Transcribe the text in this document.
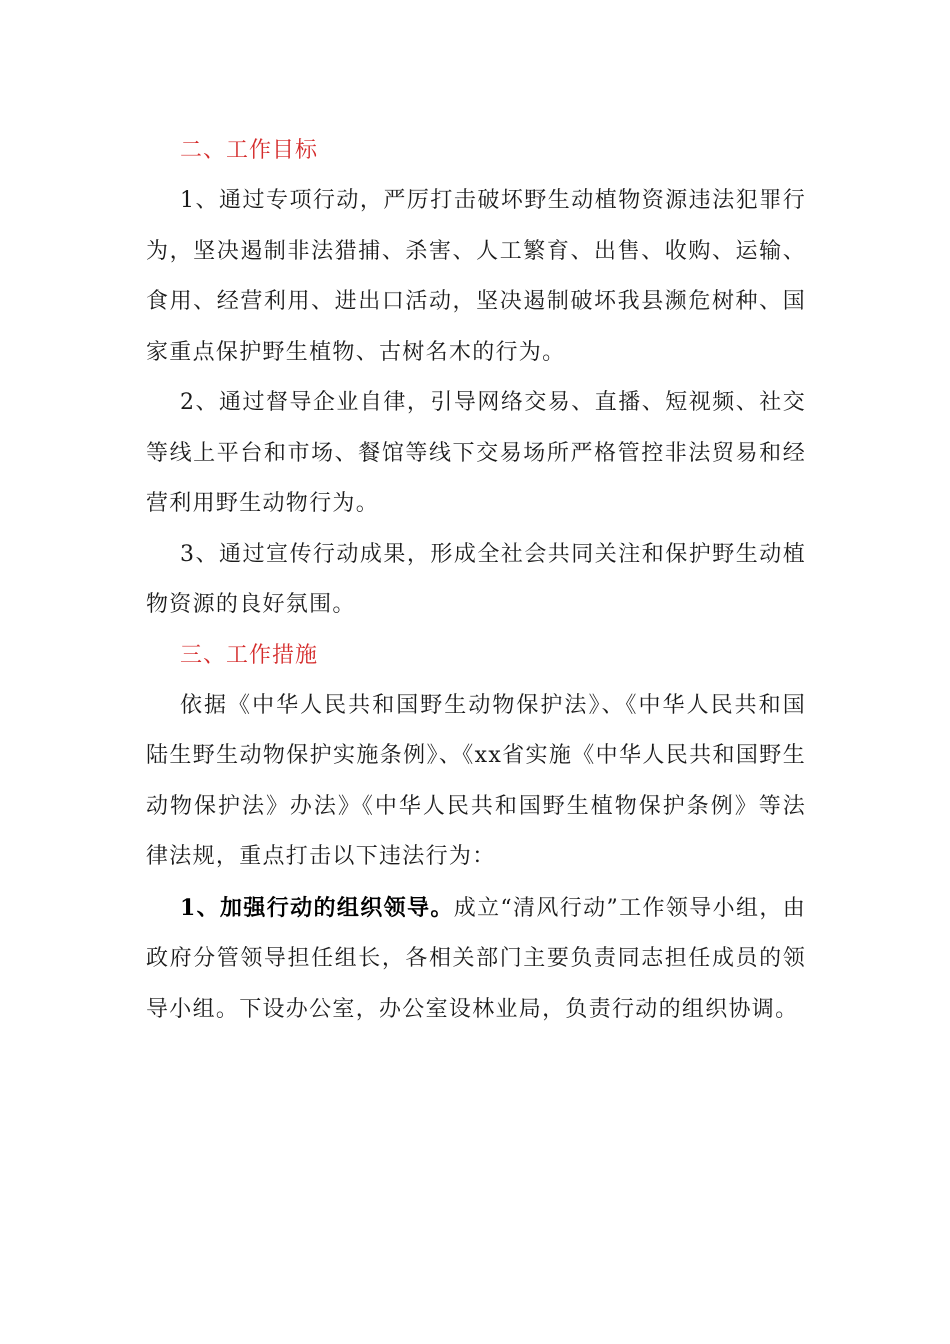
二、工作目标

1、通过专项行动，严厉打击破坏野生动植物资源违法犯罪行为，坚决遏制非法猎捕、杀害、人工繁育、出售、收购、运输、食用、经营利用、进出口活动，坚决遏制破坏我县濒危树种、国家重点保护野生植物、古树名木的行为。

2、通过督导企业自律，引导网络交易、直播、短视频、社交等线上平台和市场、餐馆等线下交易场所严格管控非法贸易和经营利用野生动物行为。

3、通过宣传行动成果，形成全社会共同关注和保护野生动植物资源的良好氛围。

三、工作措施

依据《中华人民共和国野生动物保护法》、《中华人民共和国陆生野生动物保护实施条例》、《xx省实施《中华人民共和国野生动物保护法》办法》《中华人民共和国野生植物保护条例》等法律法规，重点打击以下违法行为：

1、加强行动的组织领导。成立“清风行动”工作领导小组，由政府分管领导担任组长，各相关部门主要负责同志担任成员的领导小组。下设办公室，办公室设林业局，负责行动的组织协调。
